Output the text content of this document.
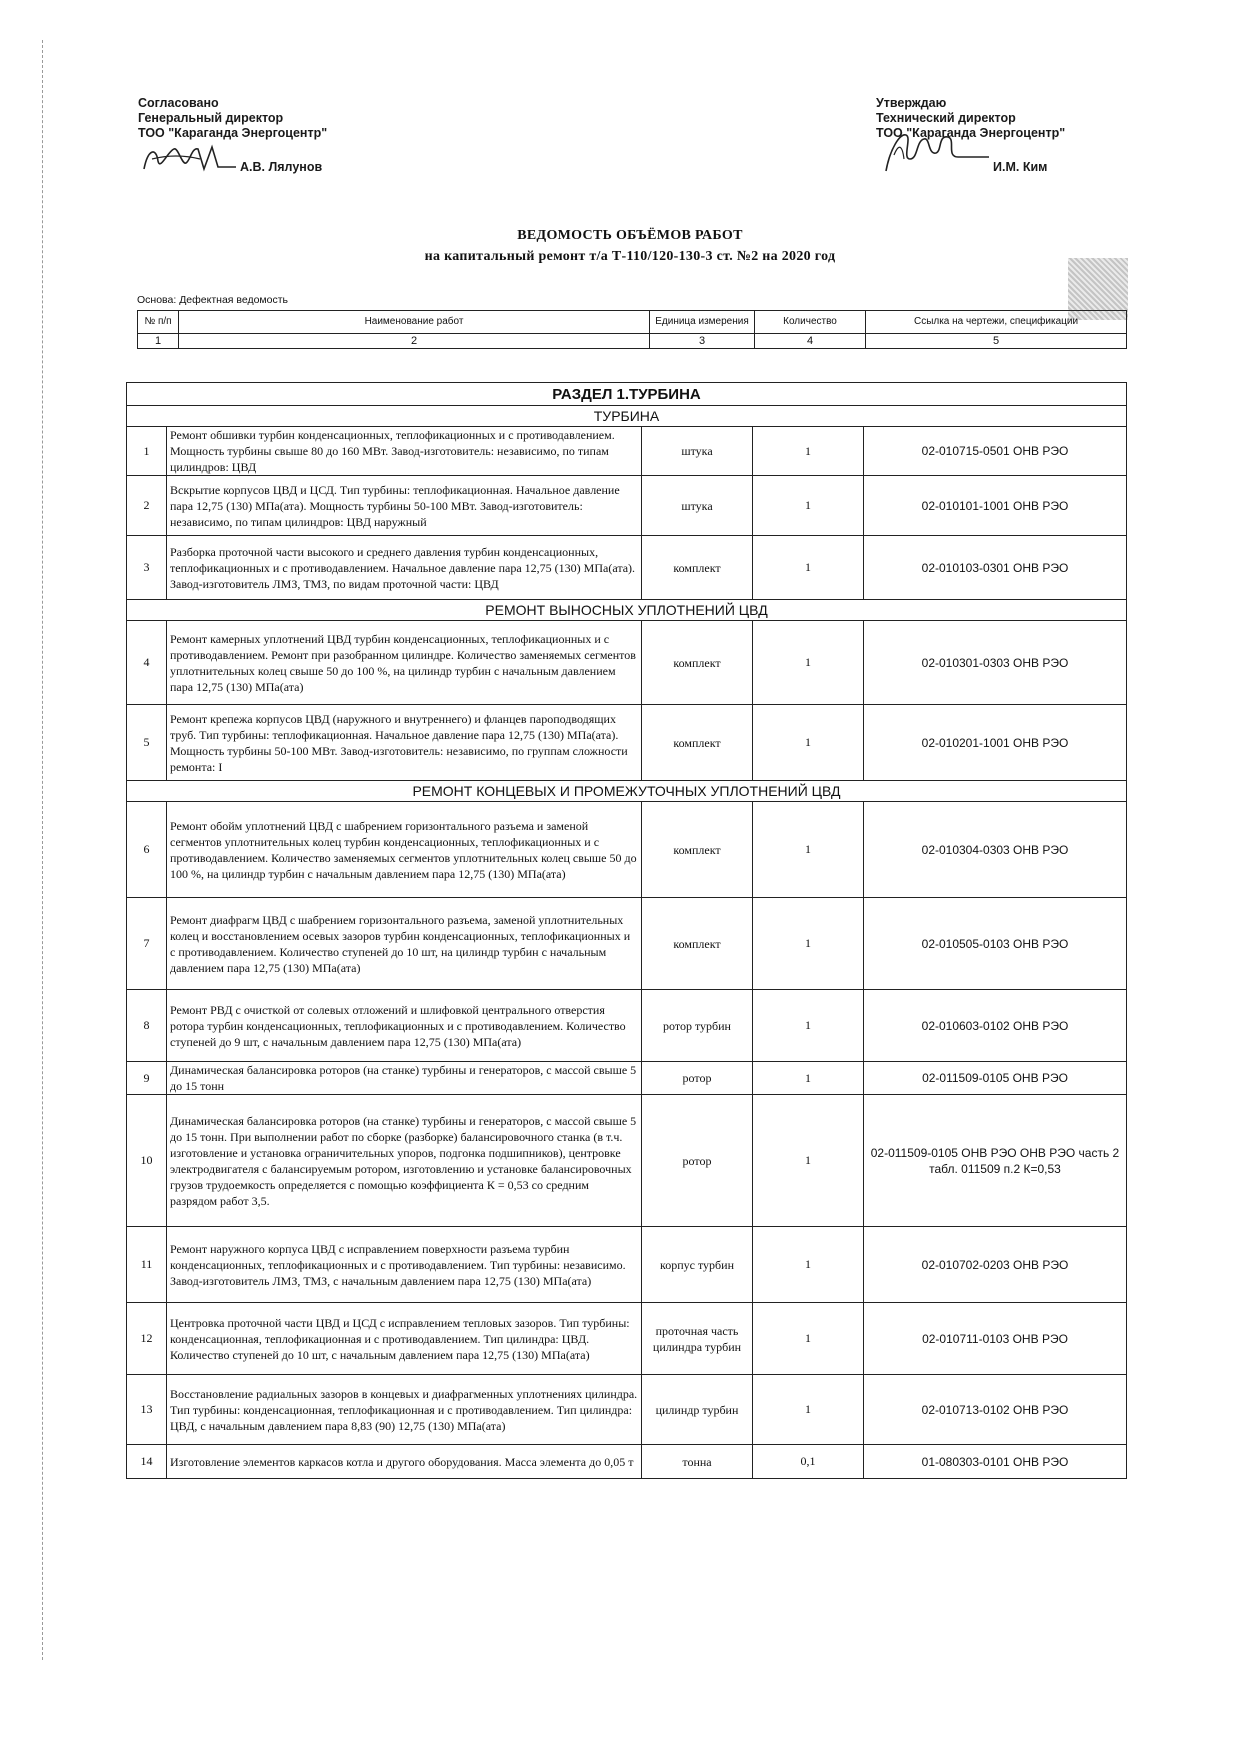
Согласовано
Генеральный директор
ТОО "Караганда Энергоцентр"
А.В. Лялунов
Утверждаю
Технический директор
ТОО "Караганда Энергоцентр"
И.М. Ким
ВЕДОМОСТЬ ОБЪЁМОВ РАБОТ
на капитальный ремонт т/а Т-110/120-130-3 ст. №2 на 2020 год
Основа: Дефектная ведомость
№ п/п	Наименование работ	Единица измерения	Количество	Ссылка на чертежи, спецификации
1	2	3	4	5
РАЗДЕЛ 1.ТУРБИНА				
ТУРБИНА				
1	Ремонт обшивки турбин конденсационных, теплофикационных и с противодавлением. Мощность турбины свыше 80 до 160 МВт. Завод-изготовитель: независимо, по типам цилиндров: ЦВД	штука	1	02-010715-0501 ОНВ РЭО
2	Вскрытие корпусов ЦВД и ЦСД. Тип турбины: теплофикационная. Начальное давление пара 12,75 (130) МПа(ата). Мощность турбины 50-100 МВт. Завод-изготовитель: независимо, по типам цилиндров: ЦВД наружный	штука	1	02-010101-1001 ОНВ РЭО
3	Разборка проточной части высокого и среднего давления турбин конденсационных, теплофикационных и с противодавлением. Начальное давление пара 12,75 (130) МПа(ата). Завод-изготовитель ЛМЗ, ТМЗ, по видам проточной части: ЦВД	комплект	1	02-010103-0301 ОНВ РЭО
РЕМОНТ ВЫНОСНЫХ УПЛОТНЕНИЙ ЦВД				
4	Ремонт камерных уплотнений ЦВД турбин конденсационных, теплофикационных и с противодавлением. Ремонт при разобранном цилиндре. Количество заменяемых сегментов уплотнительных колец свыше 50 до 100 %, на цилиндр турбин с начальным давлением пара 12,75 (130) МПа(ата)	комплект	1	02-010301-0303 ОНВ РЭО
5	Ремонт крепежа корпусов ЦВД (наружного и внутреннего) и фланцев пароподводящих труб. Тип турбины: теплофикационная. Начальное давление пара 12,75 (130) МПа(ата). Мощность турбины 50-100 МВт. Завод-изготовитель: независимо, по группам сложности ремонта: I	комплект	1	02-010201-1001 ОНВ РЭО
РЕМОНТ КОНЦЕВЫХ И ПРОМЕЖУТОЧНЫХ УПЛОТНЕНИЙ ЦВД				
6	Ремонт обойм уплотнений ЦВД с шабрением горизонтального разъема и заменой сегментов уплотнительных колец турбин конденсационных, теплофикационных и с противодавлением. Количество заменяемых сегментов уплотнительных колец свыше 50 до 100 %, на цилиндр турбин с начальным давлением пара 12,75 (130) МПа(ата)	комплект	1	02-010304-0303 ОНВ РЭО
7	Ремонт диафрагм ЦВД с шабрением горизонтального разъема, заменой уплотнительных колец и восстановлением осевых зазоров турбин конденсационных, теплофикационных и с противодавлением. Количество ступеней до 10 шт, на цилиндр турбин с начальным давлением пара 12,75 (130) МПа(ата)	комплект	1	02-010505-0103 ОНВ РЭО
8	Ремонт РВД с очисткой от солевых отложений и шлифовкой центрального отверстия ротора турбин конденсационных, теплофикационных и с противодавлением. Количество ступеней до 9 шт, с начальным давлением пара 12,75 (130) МПа(ата)	ротор турбин	1	02-010603-0102 ОНВ РЭО
9	Динамическая балансировка роторов (на станке) турбины и генераторов, с массой свыше 5 до 15 тонн	ротор	1	02-011509-0105 ОНВ РЭО
10	Динамическая балансировка роторов (на станке) турбины и генераторов, с массой свыше 5 до 15 тонн. При выполнении работ по сборке (разборке) балансировочного станка (в т.ч. изготовление и установка ограничительных упоров, подгонка подшипников), центровке электродвигателя с балансируемым ротором, изготовлению и установке балансировочных грузов трудоемкость определяется с помощью коэффициента К = 0,53 со средним разрядом работ 3,5.	ротор	1	02-011509-0105 ОНВ РЭО ОНВ РЭО часть 2 табл. 011509 п.2 К=0,53
11	Ремонт наружного корпуса ЦВД с исправлением поверхности разъема турбин конденсационных, теплофикационных и с противодавлением. Тип турбины: независимо. Завод-изготовитель ЛМЗ, ТМЗ, с начальным давлением пара 12,75 (130) МПа(ата)	корпус турбин	1	02-010702-0203 ОНВ РЭО
12	Центровка проточной части ЦВД и ЦСД с исправлением тепловых зазоров. Тип турбины: конденсационная, теплофикационная и с противодавлением. Тип цилиндра: ЦВД. Количество ступеней до 10 шт, с начальным давлением пара 12,75 (130) МПа(ата)	проточная часть цилиндра турбин	1	02-010711-0103 ОНВ РЭО
13	Восстановление радиальных зазоров в концевых и диафрагменных уплотнениях цилиндра. Тип турбины: конденсационная, теплофикационная и с противодавлением. Тип цилиндра: ЦВД, с начальным давлением пара 8,83 (90) 12,75 (130) МПа(ата)	цилиндр турбин	1	02-010713-0102 ОНВ РЭО
14	Изготовление элементов каркасов котла и другого оборудования. Масса элемента до 0,05 т	тонна	0,1	01-080303-0101 ОНВ РЭО
